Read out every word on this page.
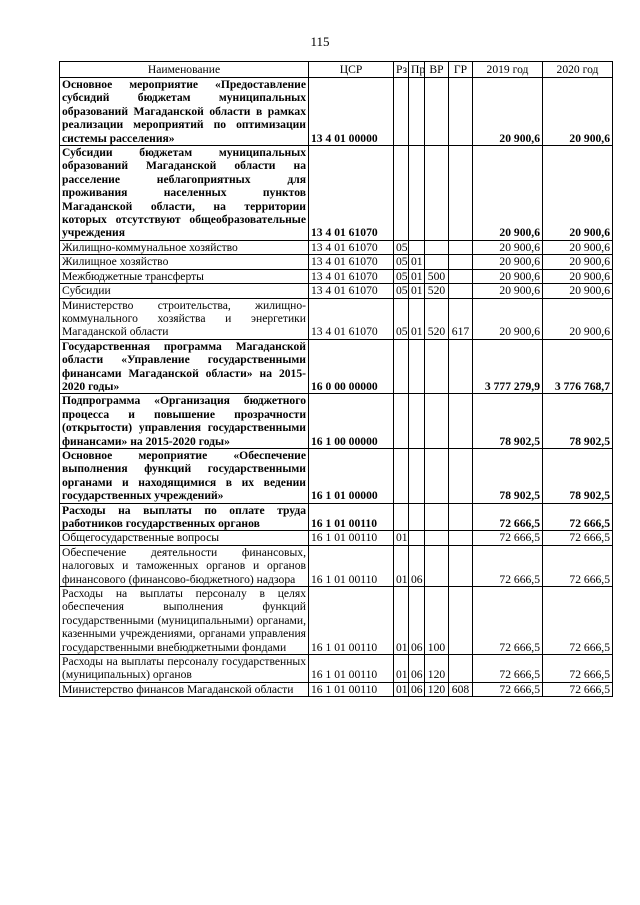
115
Наименование	ЦСР	Рз	Пр	ВР	ГР	2019 год	2020 год
Основное мероприятие «Предоставление субсидий бюджетам муниципальных образований Магаданской области в рамках реализации мероприятий по оптимизации системы расселения»	13 4 01 00000					20 900,6	20 900,6
Субсидии бюджетам муниципальных образований Магаданской области на расселение неблагоприятных для проживания населенных пунктов Магаданской области, на территории которых отсутствуют общеобразовательные учреждения	13 4 01 61070					20 900,6	20 900,6
Жилищно-коммунальное хозяйство	13 4 01 61070	05				20 900,6	20 900,6
Жилищное хозяйство	13 4 01 61070	05	01			20 900,6	20 900,6
Межбюджетные трансферты	13 4 01 61070	05	01	500		20 900,6	20 900,6
Субсидии	13 4 01 61070	05	01	520		20 900,6	20 900,6
Министерство строительства, жилищно-коммунального хозяйства и энергетики Магаданской области	13 4 01 61070	05	01	520	617	20 900,6	20 900,6
Государственная программа Магаданской области «Управление государственными финансами Магаданской области» на 2015-2020 годы»	16 0 00 00000					3 777 279,9	3 776 768,7
Подпрограмма «Организация бюджетного процесса и повышение прозрачности (открытости) управления государственными финансами» на 2015-2020 годы»	16 1 00 00000					78 902,5	78 902,5
Основное мероприятие «Обеспечение выполнения функций государственными органами и находящимися в их ведении государственных учреждений»	16 1 01 00000					78 902,5	78 902,5
Расходы на выплаты по оплате труда работников государственных органов	16 1 01 00110					72 666,5	72 666,5
Общегосударственные вопросы	16 1 01 00110	01				72 666,5	72 666,5
Обеспечение деятельности финансовых, налоговых и таможенных органов и органов финансового (финансово-бюджетного) надзора	16 1 01 00110	01	06			72 666,5	72 666,5
Расходы на выплаты персоналу в целях обеспечения выполнения функций государственными (муниципальными) органами, казенными учреждениями, органами управления государственными внебюджетными фондами	16 1 01 00110	01	06	100		72 666,5	72 666,5
Расходы на выплаты персоналу государственных (муниципальных) органов	16 1 01 00110	01	06	120		72 666,5	72 666,5
Министерство финансов Магаданской области	16 1 01 00110	01	06	120	608	72 666,5	72 666,5
